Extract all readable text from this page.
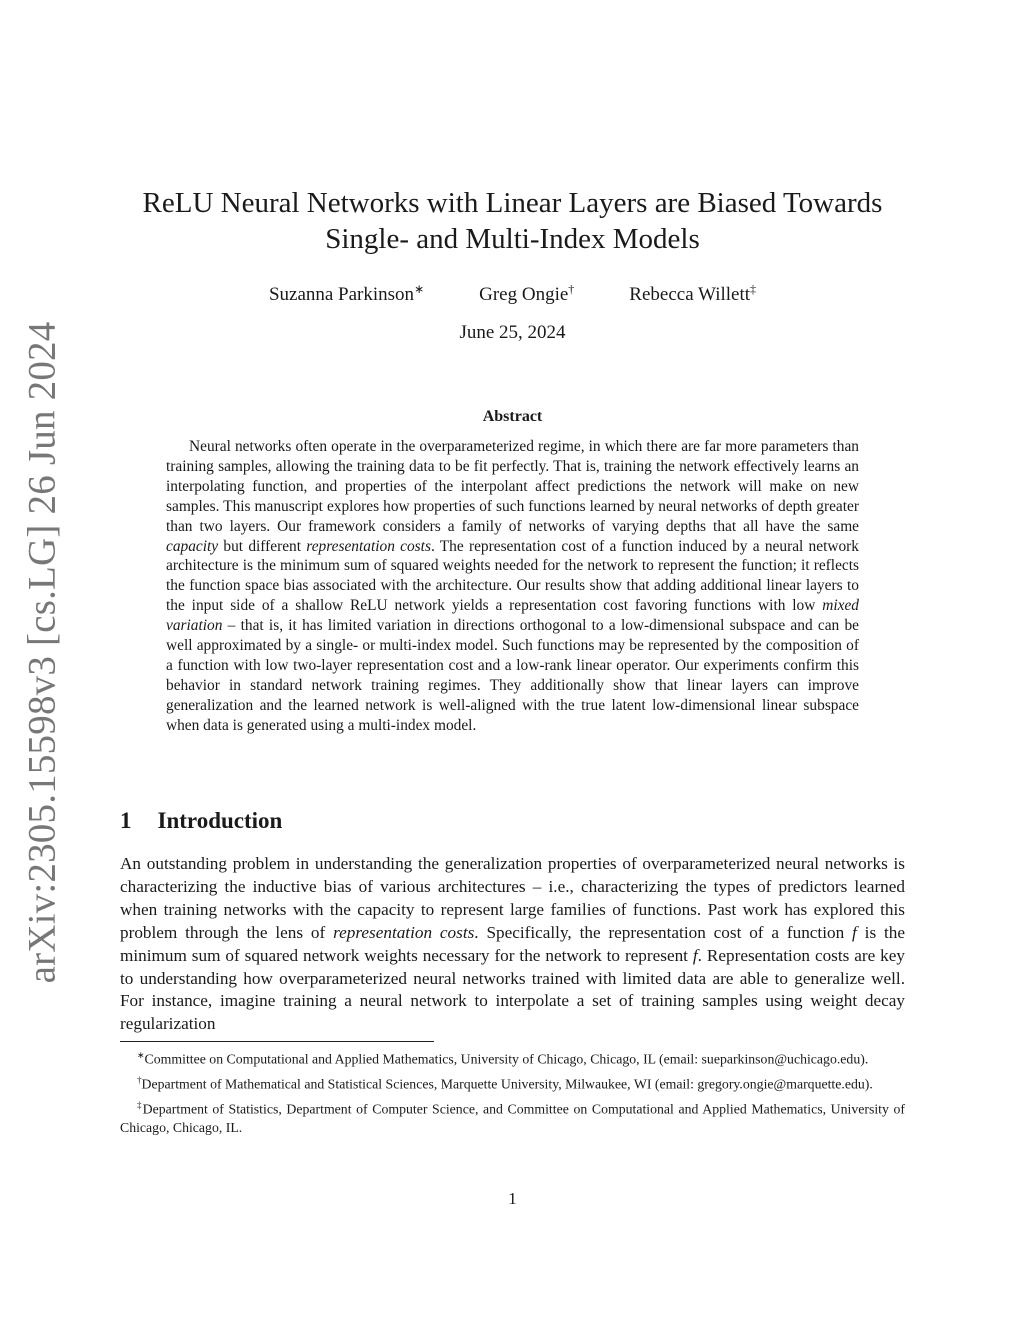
arXiv:2305.15598v3 [cs.LG] 26 Jun 2024
ReLU Neural Networks with Linear Layers are Biased Towards
Single- and Multi-Index Models
Suzanna Parkinson∗	Greg Ongie†	Rebecca Willett‡
June 25, 2024
Abstract

Neural networks often operate in the overparameterized regime, in which there are far more parameters than training samples, allowing the training data to be fit perfectly. That is, training the network effectively learns an interpolating function, and properties of the interpolant affect predictions the network will make on new samples. This manuscript explores how properties of such functions learned by neural networks of depth greater than two layers. Our framework considers a family of networks of varying depths that all have the same capacity but different representation costs. The representation cost of a function induced by a neural network architecture is the minimum sum of squared weights needed for the network to represent the function; it reflects the function space bias associated with the architecture. Our results show that adding additional linear layers to the input side of a shallow ReLU network yields a representation cost favoring functions with low mixed variation – that is, it has limited variation in directions orthogonal to a low-dimensional subspace and can be well approximated by a single- or multi-index model. Such functions may be represented by the composition of a function with low two-layer representation cost and a low-rank linear operator. Our experiments confirm this behavior in standard network training regimes. They additionally show that linear layers can improve generalization and the learned network is well-aligned with the true latent low-dimensional linear subspace when data is generated using a multi-index model.

1 Introduction

An outstanding problem in understanding the generalization properties of overparameterized neural networks is characterizing the inductive bias of various architectures – i.e., characterizing the types of predictors learned when training networks with the capacity to represent large families of functions. Past work has explored this problem through the lens of representation costs. Specifically, the representation cost of a function f is the minimum sum of squared network weights necessary for the network to represent f. Representation costs are key to understanding how overparameterized neural networks trained with limited data are able to generalize well. For instance, imagine training a neural network to interpolate a set of training samples using weight decay regularization

∗Committee on Computational and Applied Mathematics, University of Chicago, Chicago, IL (email: sueparkinson@uchicago.edu).

†Department of Mathematical and Statistical Sciences, Marquette University, Milwaukee, WI (email: gregory.ongie@marquette.edu).

‡Department of Statistics, Department of Computer Science, and Committee on Computational and Applied Mathematics, University of Chicago, Chicago, IL.

1
